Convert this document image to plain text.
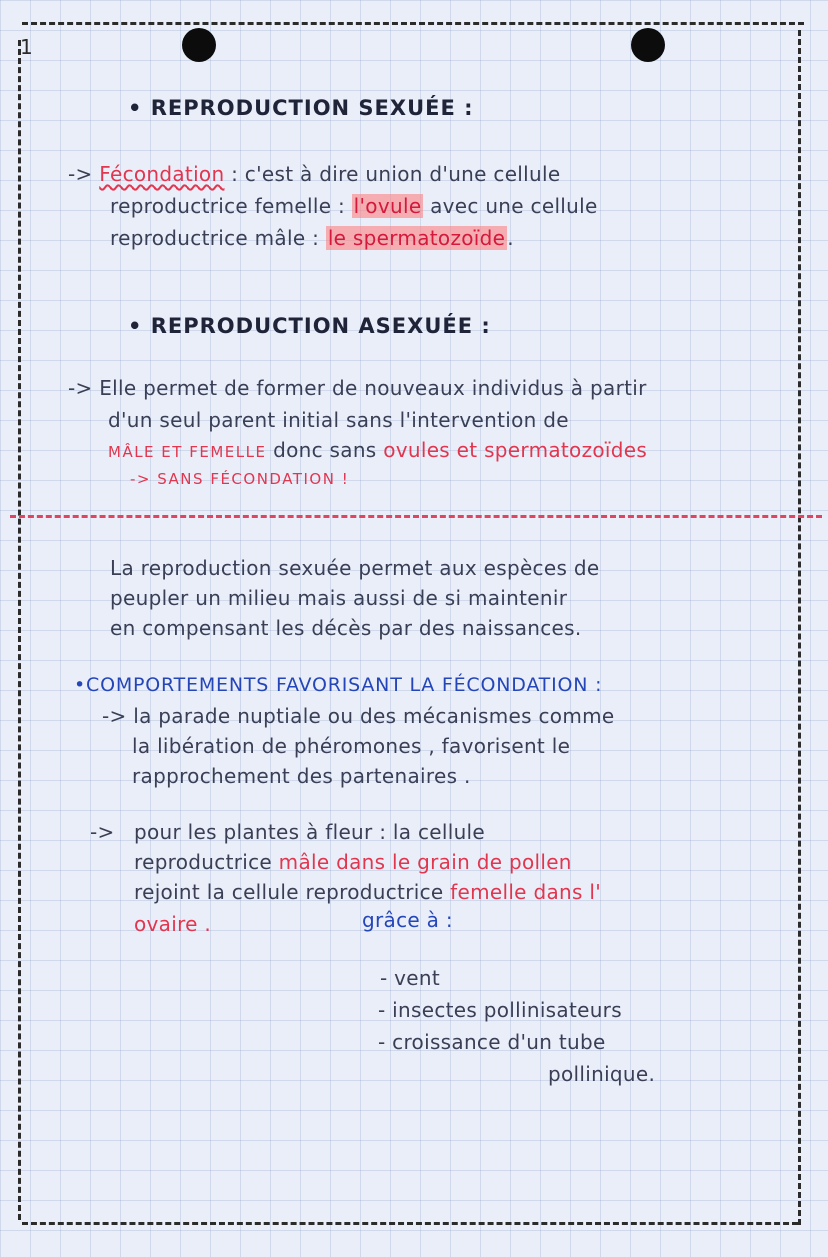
1
• REPRODUCTION SEXUÉE :
-> Fécondation : c'est à dire union d'une cellule
reproductrice femelle : l'ovule avec une cellule
reproductrice mâle : le spermatozoïde .
• REPRODUCTION ASEXUÉE :
-> Elle permet de former de nouveaux individus à partir
d'un seul parent initial sans l'intervention de
MÂLE ET FEMELLE donc sans ovules et spermatozoïdes
-> SANS FÉCONDATION !
La reproduction sexuée permet aux espèces de
peupler un milieu mais aussi de si maintenir
en compensant les décès par des naissances.
•COMPORTEMENTS FAVORISANT LA FÉCONDATION :
-> la parade nuptiale ou des mécanismes comme
la libération de phéromones , favorisent le
rapprochement des partenaires .
-> pour les plantes à fleur : la cellule
reproductrice mâle dans le grain de pollen
rejoint la cellule reproductrice femelle dans l'
ovaire .	grâce à :
- vent
- insectes pollinisateurs
- croissance d'un tube
pollinique.
